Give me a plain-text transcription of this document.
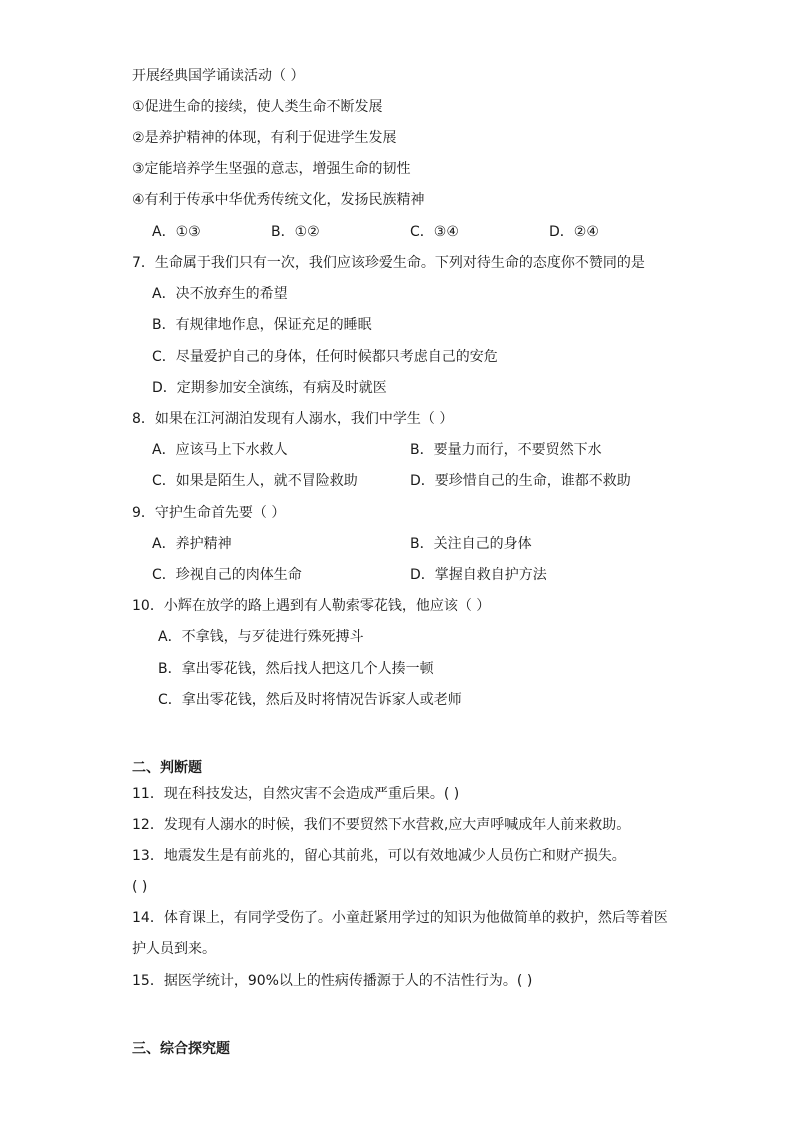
开展经典国学诵读活动（ ）
①促进生命的接续，使人类生命不断发展
②是养护精神的体现，有利于促进学生发展
③定能培养学生坚强的意志，增强生命的韧性
④有利于传承中华优秀传统文化，发扬民族精神
A．①③	B．①②	C．③④	D．②④
7．生命属于我们只有一次，我们应该珍爱生命。下列对待生命的态度你不赞同的是
A．决不放弃生的希望
B．有规律地作息，保证充足的睡眠
C．尽量爱护自己的身体，任何时候都只考虑自己的安危
D．定期参加安全演练，有病及时就医
8．如果在江河湖泊发现有人溺水，我们中学生（ ）
A．应该马上下水救人	B．要量力而行，不要贸然下水
C．如果是陌生人，就不冒险救助	D．要珍惜自己的生命，谁都不救助
9．守护生命首先要（ ）
A．养护精神	B．关注自己的身体
C．珍视自己的肉体生命	D．掌握自救自护方法
10．小辉在放学的路上遇到有人勒索零花钱，他应该（ ）
A．不拿钱，与歹徒进行殊死搏斗
B．拿出零花钱，然后找人把这几个人揍一顿
C．拿出零花钱，然后及时将情况告诉家人或老师
二、判断题
11．现在科技发达，自然灾害不会造成严重后果。( )
12．发现有人溺水的时候，我们不要贸然下水营救,应大声呼喊成年人前来救助。
13．地震发生是有前兆的，留心其前兆，可以有效地减少人员伤亡和财产损失。
( )
14．体育课上，有同学受伤了。小童赶紧用学过的知识为他做简单的救护，然后等着医
护人员到来。
15．据医学统计，90%以上的性病传播源于人的不洁性行为。( )
三、综合探究题
